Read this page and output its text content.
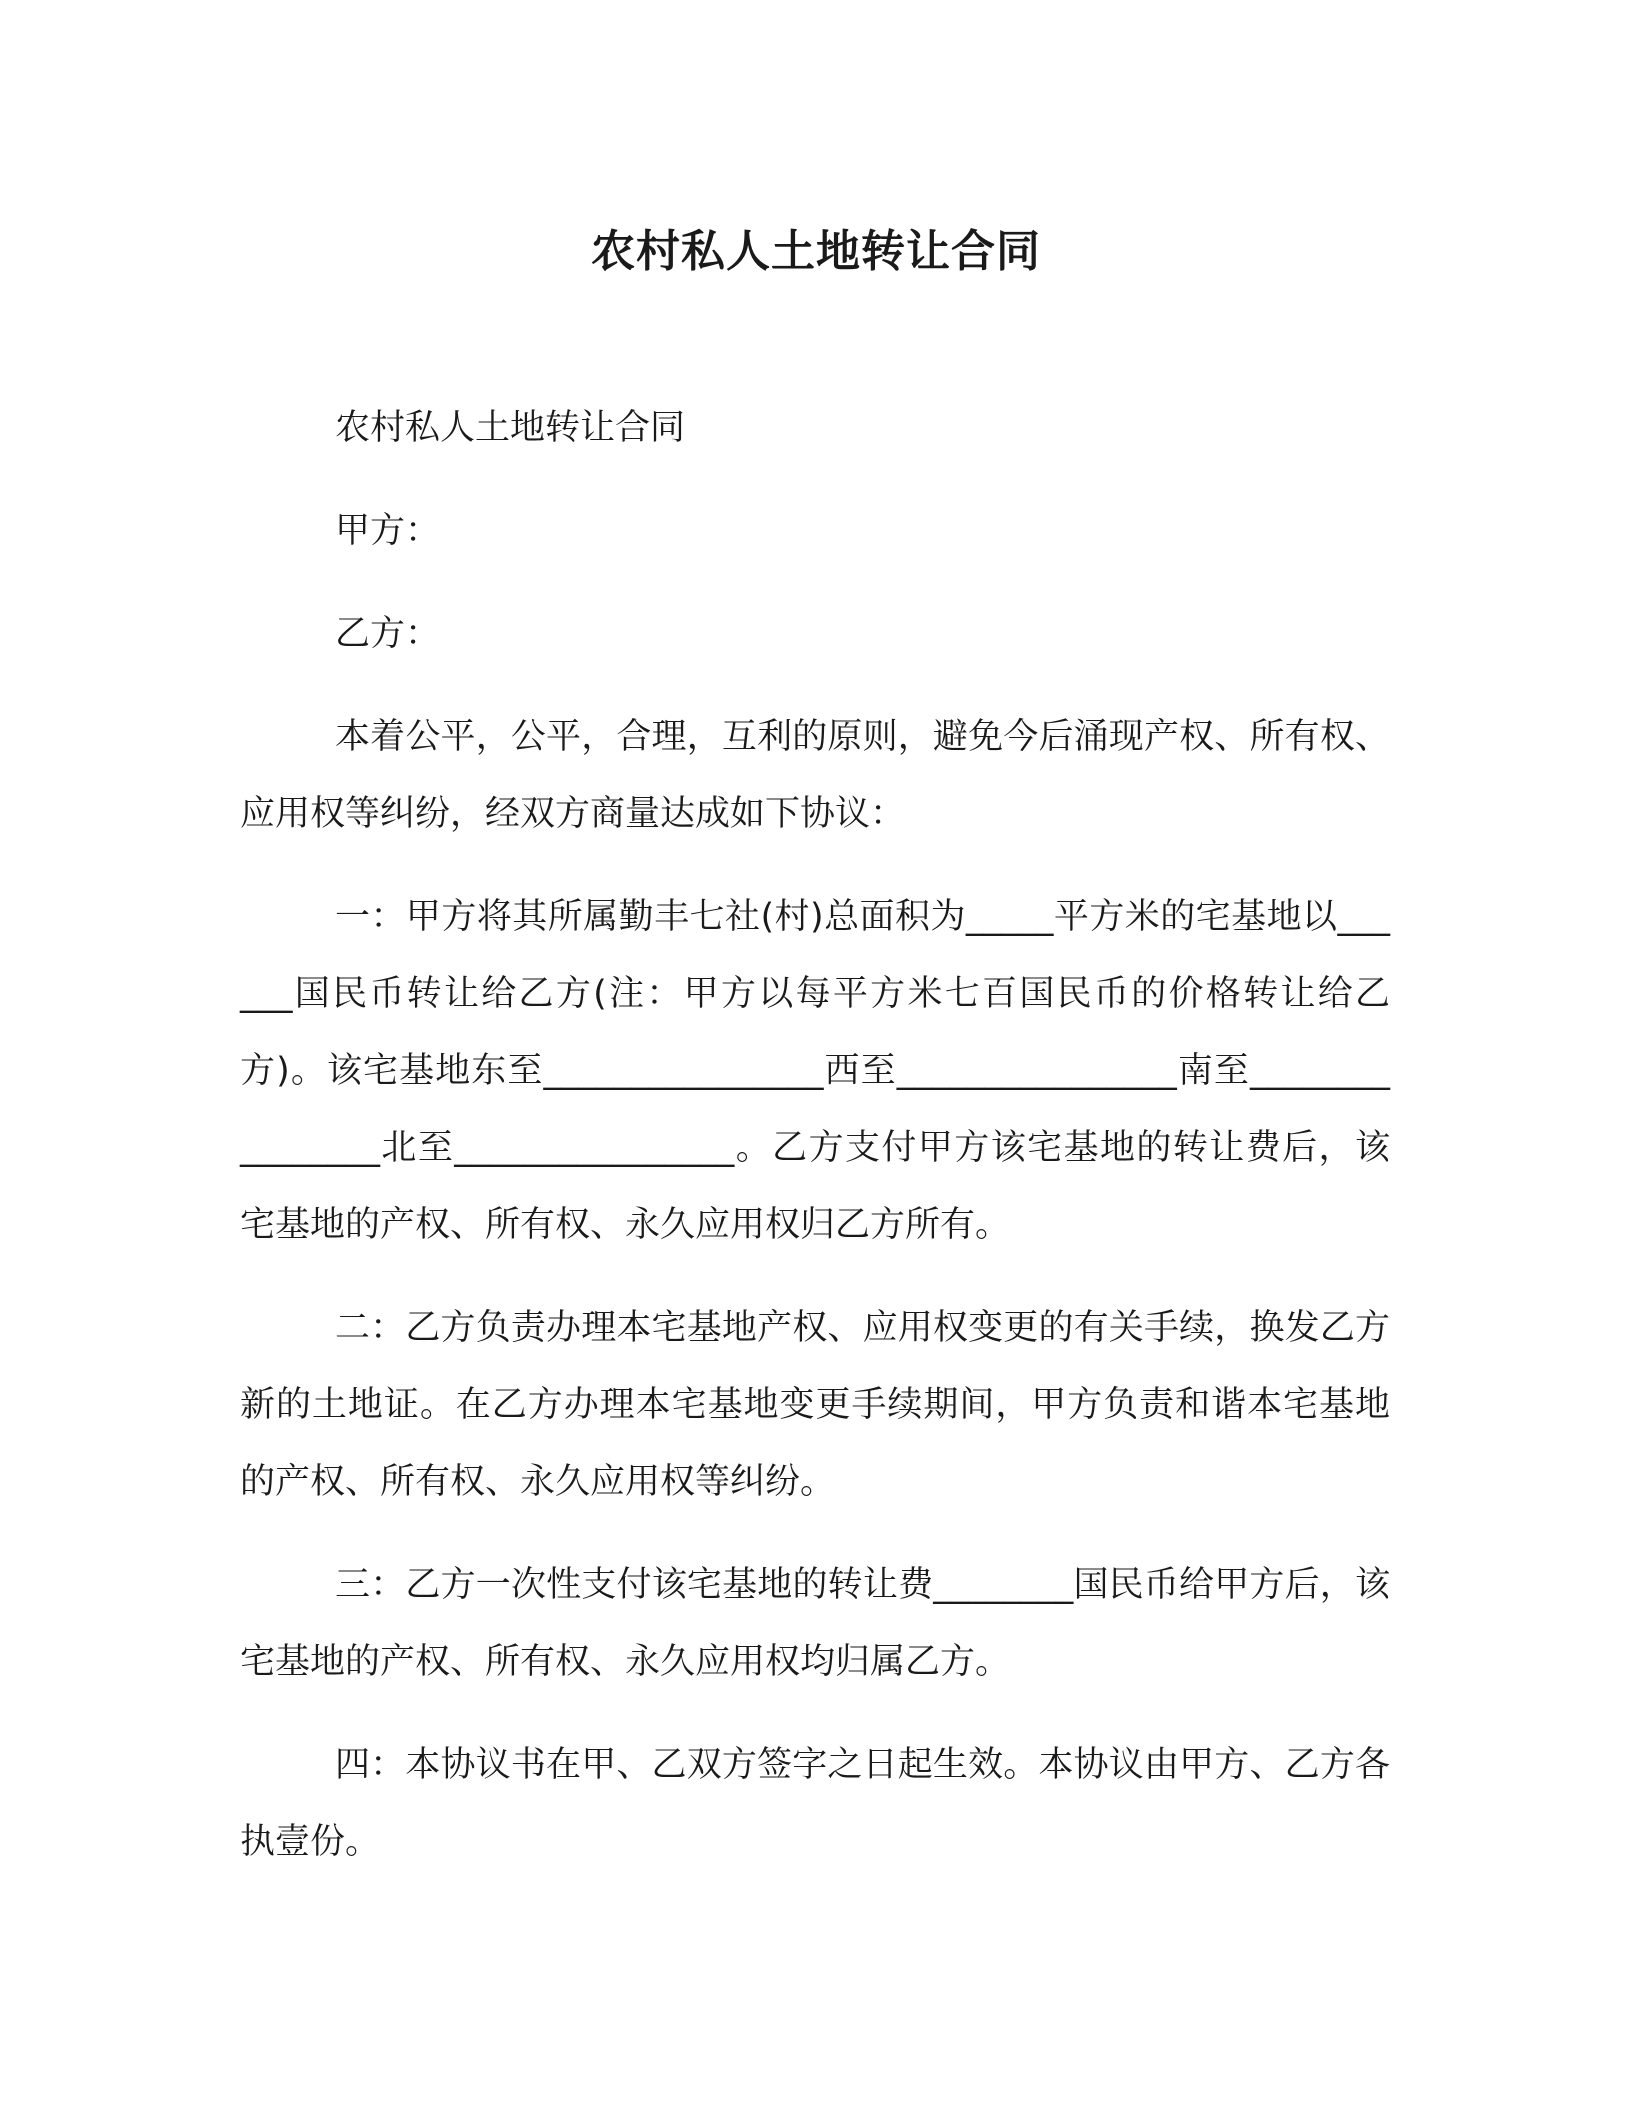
农村私人土地转让合同

农村私人土地转让合同

甲方：

乙方：

本着公平，公平，合理，互利的原则，避免今后涌现产权、所有权、应用权等纠纷，经双方商量达成如下协议：

一：甲方将其所属勤丰七社(村)总面积为_____平方米的宅基地以______国民币转让给乙方(注：甲方以每平方米七百国民币的价格转让给乙方)。该宅基地东至________________西至________________南至________________北至________________。乙方支付甲方该宅基地的转让费后，该宅基地的产权、所有权、永久应用权归乙方所有。

二：乙方负责办理本宅基地产权、应用权变更的有关手续，换发乙方新的土地证。在乙方办理本宅基地变更手续期间，甲方负责和谐本宅基地的产权、所有权、永久应用权等纠纷。

三：乙方一次性支付该宅基地的转让费________国民币给甲方后，该宅基地的产权、所有权、永久应用权均归属乙方。

四：本协议书在甲、乙双方签字之日起生效。本协议由甲方、乙方各执壹份。
